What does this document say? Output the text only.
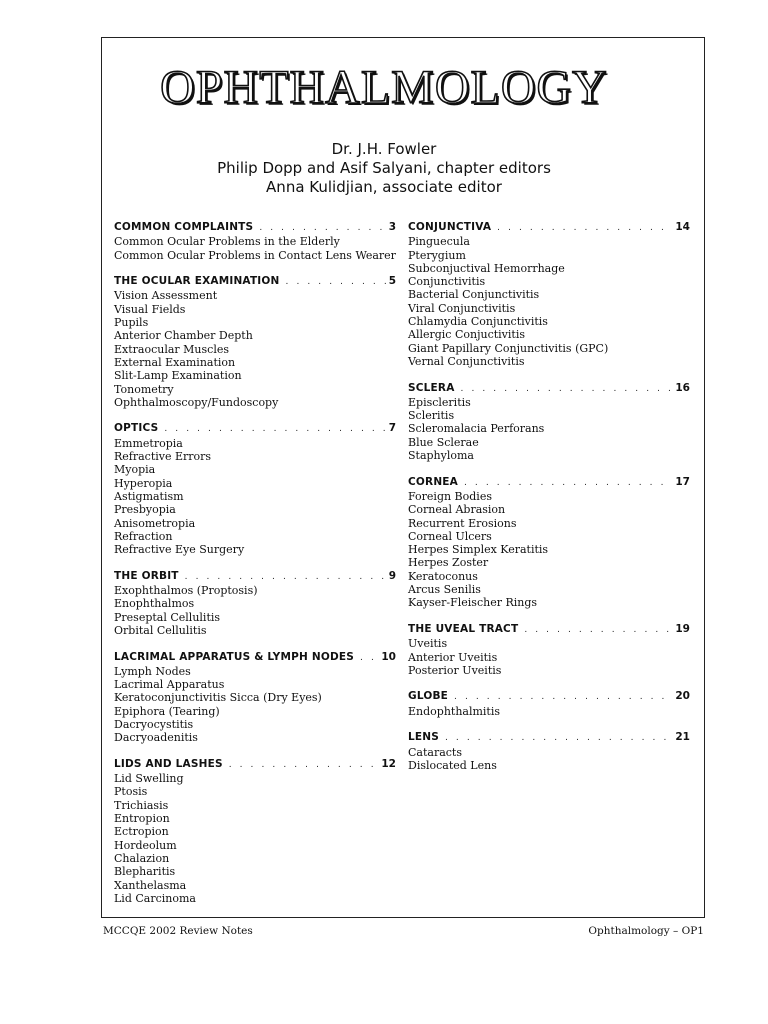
OPHTHALMOLOGY
Dr. J.H. Fowler
Philip Dopp and Asif Salyani, chapter editors
Anna Kulidjian, associate editor
COMMON COMPLAINTS . . .	3
Common Ocular Problems in the Elderly
Common Ocular Problems in Contact Lens Wearer
THE OCULAR EXAMINATION . . .	5
Vision Assessment
Visual Fields
Pupils
Anterior Chamber Depth
Extraocular Muscles
External Examination
Slit-Lamp Examination
Tonometry
Ophthalmoscopy/Fundoscopy
OPTICS . . .	7
Emmetropia
Refractive Errors
Myopia
Hyperopia
Astigmatism
Presbyopia
Anisometropia
Refraction
Refractive Eye Surgery
THE ORBIT . . .	9
Exophthalmos (Proptosis)
Enophthalmos
Preseptal Cellulitis
Orbital Cellulitis
LACRIMAL APPARATUS & LYMPH NODES . . .	10
Lymph Nodes
Lacrimal Apparatus
Keratoconjunctivitis Sicca (Dry Eyes)
Epiphora (Tearing)
Dacryocystitis
Dacryoadenitis
LIDS AND LASHES . . .	12
Lid Swelling
Ptosis
Trichiasis
Entropion
Ectropion
Hordeolum
Chalazion
Blepharitis
Xanthelasma
Lid Carcinoma
CONJUNCTIVA . . .	14
Pinguecula
Pterygium
Subconjuctival Hemorrhage
Conjunctivitis
Bacterial Conjunctivitis
Viral Conjunctivitis
Chlamydia Conjunctivitis
Allergic Conjuctivitis
Giant Papillary Conjunctivitis (GPC)
Vernal Conjunctivitis
SCLERA . . .	16
Episcleritis
Scleritis
Scleromalacia Perforans
Blue Sclerae
Staphyloma
CORNEA . . .	17
Foreign Bodies
Corneal Abrasion
Recurrent Erosions
Corneal Ulcers
Herpes Simplex Keratitis
Herpes Zoster
Keratoconus
Arcus Senilis
Kayser-Fleischer Rings
THE UVEAL TRACT . . .	19
Uveitis
Anterior Uveitis
Posterior Uveitis
GLOBE . . .	20
Endophthalmitis
LENS . . .	21
Cataracts
Dislocated Lens
MCCQE 2002 Review Notes	Ophthalmology – OP1
